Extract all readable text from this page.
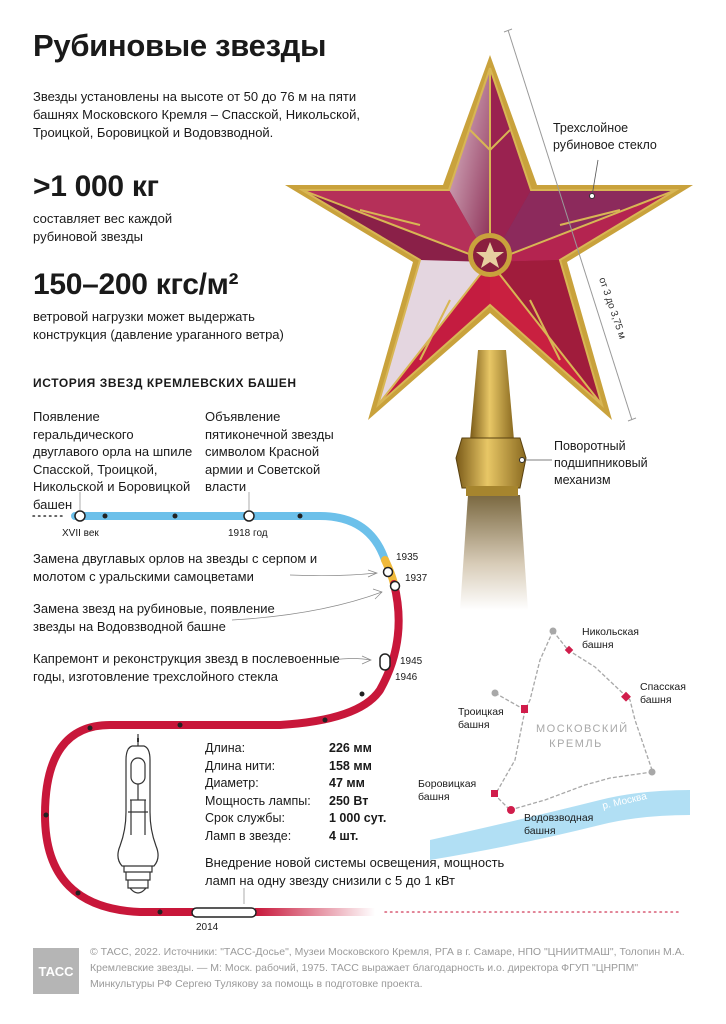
Рубиновые звезды
Звезды установлены на высоте от 50 до 76 м на пяти башнях Московского Кремля – Спасской, Никольской, Троицкой, Боровицкой и Водовзводной.
>1 000 кг
составляет вес каждой рубиновой звезды
150–200 кгс/м²
ветровой нагрузки может выдержать конструкция (давление ураганного ветра)
Трехслойное рубиновое стекло
от 3 до 3,75 м
Поворотный подшипниковый механизм
ИСТОРИЯ ЗВЕЗД КРЕМЛЕВСКИХ БАШЕН
Появление геральдического двуглавого орла на шпиле Спасской, Троицкой, Никольской и Боровицкой башен
Объявление пятиконечной звезды символом Красной армии и Советской власти
XVII век	1918 год
Замена двуглавых орлов на звезды с серпом и молотом с уральскими самоцветами
1935
1937
Замена звезд на рубиновые, появление звезды на Водовзводной башне
Капремонт и реконструкция звезд в послевоенные годы, изготовление трехслойного стекла
1945
1946
Длина:	226 мм
Длина нити:	158 мм
Диаметр:	47 мм
Мощность лампы:	250 Вт
Срок службы:	1 000 сут.
Ламп в звезде:	4 шт.
Внедрение новой системы освещения, мощность ламп на одну звезду снизили с 5 до 1 кВт
2014
Никольская башня
Спасская башня
Троицкая башня
Боровицкая башня
Водовзводная башня
МОСКОВСКИЙ КРЕМЛЬ
р. Москва
ТАСС
© ТАСС, 2022. Источники: "ТАСС-Досье", Музеи Московского Кремля, РГА в г. Самаре, НПО "ЦНИИТМАШ", Толопин М.А. Кремлевские звезды. — М: Моск. рабочий, 1975. ТАСС выражает благодарность и.о. директора ФГУП "ЦНРПМ" Минкультуры РФ Сергею Тулякову за помощь в подготовке проекта.
